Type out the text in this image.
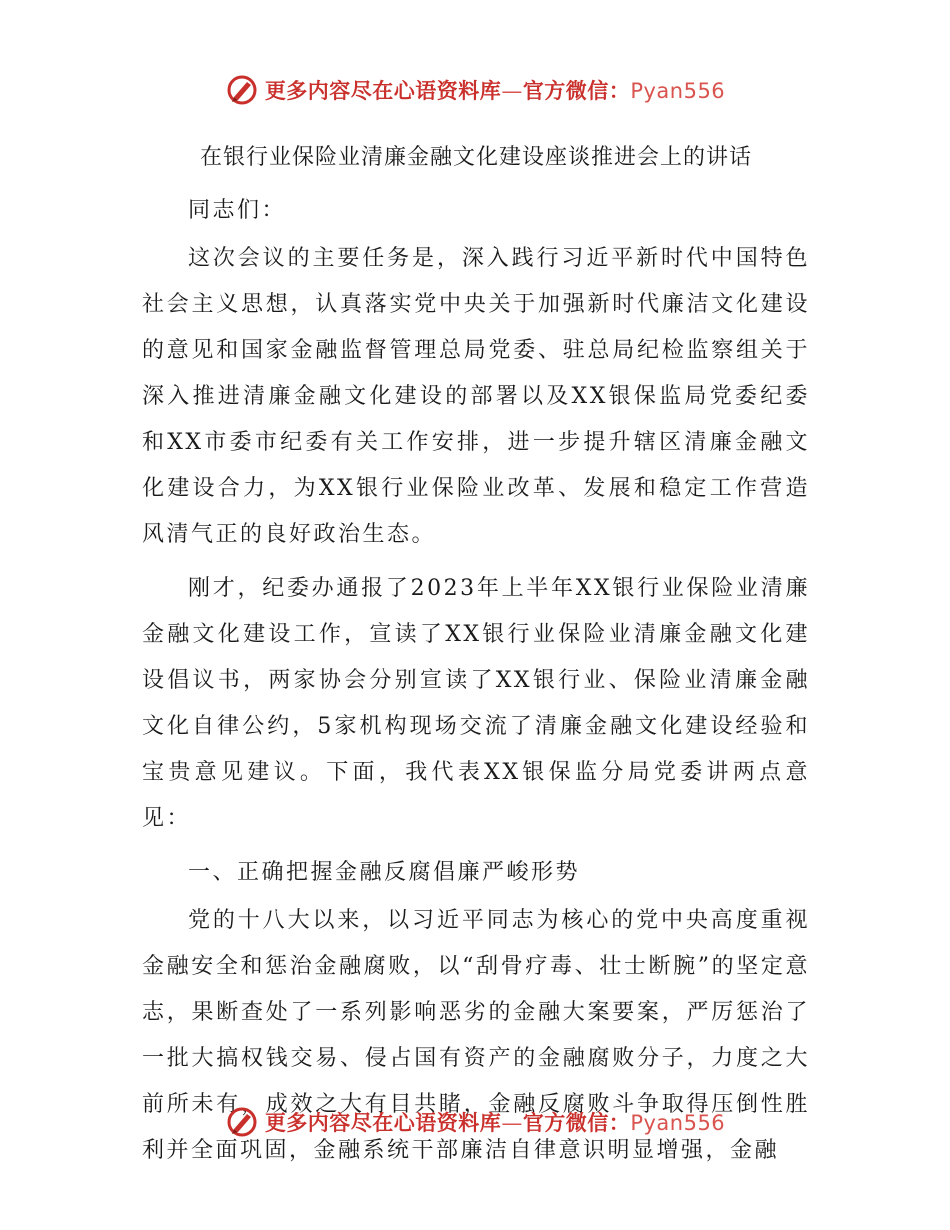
更多内容尽在心语资料库—官方微信：Pyan556
在银行业保险业清廉金融文化建设座谈推进会上的讲话
同志们：
这次会议的主要任务是，深入践行习近平新时代中国特色社会主义思想，认真落实党中央关于加强新时代廉洁文化建设的意见和国家金融监督管理总局党委、驻总局纪检监察组关于深入推进清廉金融文化建设的部署以及XX银保监局党委纪委和XX市委市纪委有关工作安排，进一步提升辖区清廉金融文化建设合力，为XX银行业保险业改革、发展和稳定工作营造风清气正的良好政治生态。
刚才，纪委办通报了2023年上半年XX银行业保险业清廉金融文化建设工作，宣读了XX银行业保险业清廉金融文化建设倡议书，两家协会分别宣读了XX银行业、保险业清廉金融文化自律公约，5家机构现场交流了清廉金融文化建设经验和宝贵意见建议。下面，我代表XX银保监分局党委讲两点意见：
一、正确把握金融反腐倡廉严峻形势
党的十八大以来，以习近平同志为核心的党中央高度重视金融安全和惩治金融腐败，以“刮骨疗毒、壮士断腕”的坚定意志，果断查处了一系列影响恶劣的金融大案要案，严厉惩治了一批大搞权钱交易、侵占国有资产的金融腐败分子，力度之大前所未有，成效之大有目共睹，金融反腐败斗争取得压倒性胜利并全面巩固，金融系统干部廉洁自律意识明显增强，金融
更多内容尽在心语资料库—官方微信：Pyan556
